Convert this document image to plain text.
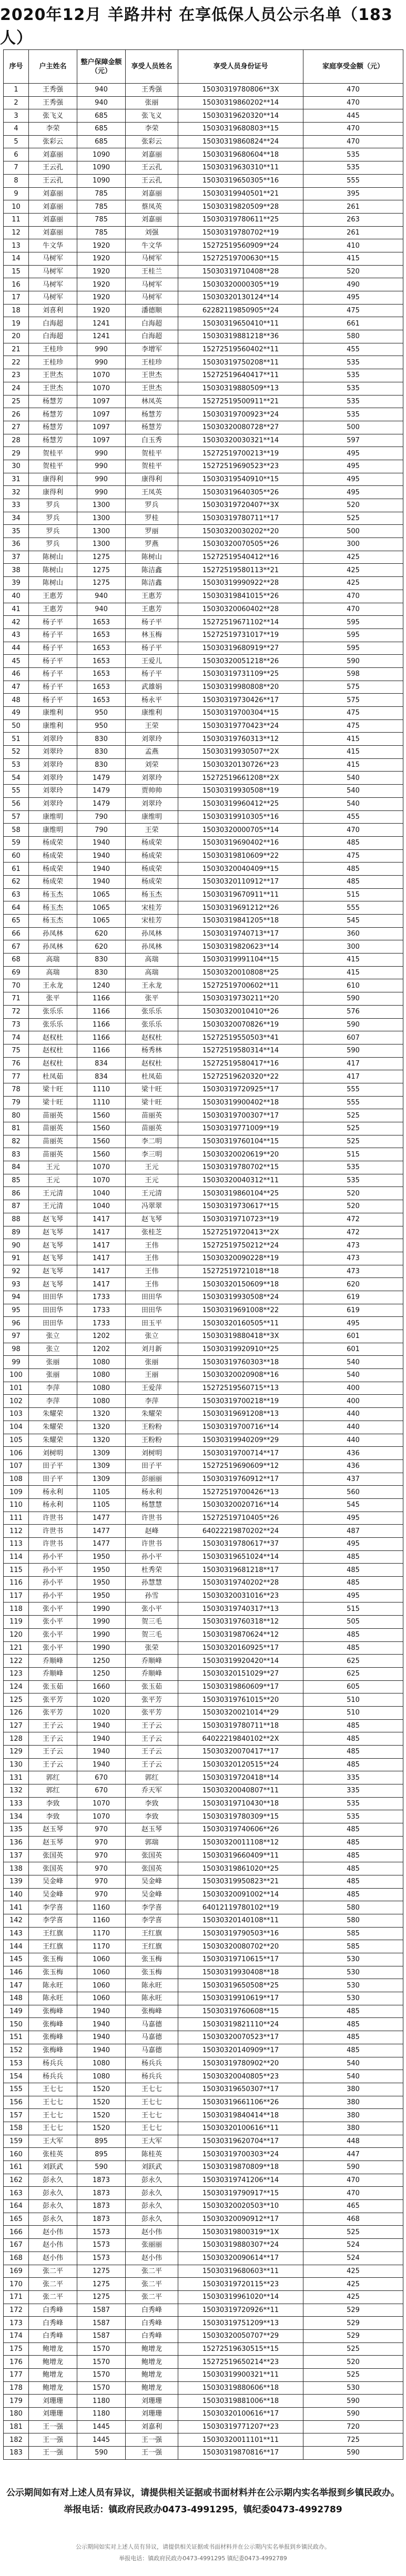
2020年12月 羊路井村 在享低保人员公示名单（183人）
序号	户主姓名	整户保障金额（元）	享受人员姓名	享受人员身份证号	家庭享受金额（元）
1	王秀强	940	王秀强	15030319780806**3X	470
2	王秀强	940	张丽	15030319860202**14	470
3	张飞义	685	张飞义	15030319620320**14	445
4	李荣	685	李荣	15030319680803**15	470
5	张彩云	685	张彩云	15030319860824**24	470
6	刘嘉丽	1090	刘嘉丽	15030319680604**18	535
7	王云孔	1090	王云孔	15030319630310**11	535
8	王云孔	1090	王云孔	15030319650305**16	555
9	刘嘉丽	785	刘嘉丽	15030319940501**21	395
10	刘嘉丽	785	蔡凤英	15030319820509**28	261
11	刘嘉丽	785	刘嘉丽	15030319780611**25	263
12	刘嘉丽	785	刘强	15030319780702**19	261
13	牛文华	1920	牛文华	15272519560909**24	410
14	马树军	1920	马树军	15272519700630**15	415
15	马树军	1920	王桂兰	15030319710408**28	520
16	马树军	1920	马树军	15030320000305**19	490
17	马树军	1920	马树军	15030320130124**14	495
18	刘喜利	1920	潘德顺	62282119850905**24	475
19	白海超	1241	白海超	15030319650410**11	661
20	白海超	1241	白海超	15030319881218**36	580
21	王桂珍	990	李增军	15272519560402**11	455
22	王桂珍	990	王桂珍	15030319750208**11	535
23	王世杰	1070	王世杰	15272519640417**11	535
24	王世杰	1070	王世杰	15030319880509**13	535
25	杨慧芳	1097	林凤英	15272519500911**21	535
26	杨慧芳	1097	杨慧芳	15030319700923**24	535
27	杨慧芳	1097	杨慧芳	15030320080728**27	500
28	杨慧芳	1097	白玉秀	15030320030321**14	597
29	贺桂平	990	贺桂平	15272519700213**19	495
30	贺桂平	990	贺桂平	15272519690523**23	495
31	康得利	990	康得利	15030319540910**15	495
32	康得利	990	王凤英	15030319640305**26	495
33	罗兵	1300	罗兵	15030319720407**3X	520
34	罗兵	1300	罗桂	15030319780711**17	525
35	罗兵	1300	罗丽	15030320030202**20	500
36	罗兵	1300	罗燕	15030320070505**26	300
37	陈树山	1275	陈树山	15272519540412**16	425
38	陈树山	1275	陈洁鑫	15272519580113**21	425
39	陈树山	1275	陈洁鑫	15030319990922**28	425
40	王惠芳	940	王惠芳	15030319841015**26	470
41	王惠芳	940	王惠芳	15030320060402**28	470
42	杨子平	1653	杨子平	15272519671102**14	595
43	杨子平	1653	林玉梅	15272519731017**19	595
44	杨子平	1653	杨子平	15030319680919**27	595
45	杨子平	1653	王爱儿	15030320051218**26	590
46	杨子平	1653	杨子平	15030319731109**25	598
47	杨子平	1653	武雄娟	15030319980808**20	575
48	杨子平	1653	杨永平	15030319730426**17	575
49	康维利	950	康维利	15030319700304**15	475
50	康维利	950	王荣	15030319770423**24	475
51	刘翠玲	830	刘翠玲	15030319760313**12	415
52	刘翠玲	830	孟燕	15030319930507**2X	415
53	刘翠玲	830	刘荣	15030320130726**23	415
54	刘翠玲	1479	刘翠玲	15272519661208**2X	540
55	刘翠玲	1479	贾帅帅	15030319930508**19	540
56	刘翠玲	1479	刘翠玲	15030319960412**25	540
57	康维明	790	康维明	15030319910305**16	455
58	康维明	790	王荣	15030320000705**14	470
59	杨成荣	1940	杨成荣	15030319690402**16	485
60	杨成荣	1940	杨成荣	15030319810609**22	475
61	杨成荣	1940	杨成荣	15030320040409**15	485
62	杨成荣	1940	杨成荣	15030320110912**17	485
63	杨玉杰	1065	杨玉杰	15030319670911**11	515
64	杨玉杰	1065	宋桂芳	15030319691212**26	555
65	杨玉杰	1065	宋桂芳	15030319841205**18	545
66	孙凤林	620	孙凤林	15030319740713**17	360
67	孙凤林	620	孙凤林	15030319820623**14	300
68	高瑞	830	高瑞	15030319991104**15	415
69	高瑞	830	高瑞	15030320010808**25	415
70	王永龙	1240	王永龙	15272519700602**11	610
71	张平	1166	张平	15030319730211**20	590
72	张乐乐	1166	张乐乐	15030320010410**26	576
73	张乐乐	1166	张乐乐	15030320070826**19	590
74	赵权杜	1166	赵权杜	15272519550503**41	607
75	赵权杜	1166	杨秀林	15272519580314**14	590
76	赵权杜	834	赵权杜	15272519580417**16	417
77	杜凤茹	834	杜凤茹	15272519620320**22	417
78	梁十旺	1110	梁十旺	15030319720925**17	555
79	梁十旺	1110	梁十旺	15030319900402**18	555
80	苗丽英	1560	苗丽英	15030319700307**17	525
81	苗丽英	1560	苗丽英	15030319771009**19	525
82	苗丽英	1560	李二明	15030319760104**15	525
83	苗丽英	1560	李三明	15030320020619**20	515
84	王元	1070	王元	15030319780702**15	535
85	王元	1070	王元	15030320040312**11	535
86	王元清	1040	王元清	15030319860104**25	520
87	王元清	1040	冯翠翠	15030319730617**15	520
88	赵飞琴	1417	赵飞琴	15030319710723**19	472
89	赵飞琴	1417	张桂芝	15272519720413**2X	472
90	赵飞琴	1417	王伟	15272519750212**24	473
91	赵飞琴	1417	王伟	15030320090228**19	473
92	赵飞琴	1417	王伟	15272519721018**18	473
93	赵飞琴	1417	王伟	15030320150609**18	620
94	田田华	1733	田田华	15030319930508**24	619
95	田田华	1733	田田华	15030319691008**22	619
96	田田华	1733	田玉平	15030320160505**11	495
97	张立	1202	张立	15030319880418**3X	601
98	张立	1202	刘月新	15030319920910**25	601
99	张丽	1080	张丽	15030319760303**18	540
100	张丽	1080	王丽	15030320020908**16	540
101	李萍	1080	王爱萍	15272519560715**13	400
102	李萍	1080	李萍	15030319700218**19	400
103	朱耀荣	1320	朱耀荣	15030319691208**13	440
104	朱耀荣	1320	王粉粉	15030319700716**14	440
105	朱耀荣	1320	王粉粉	15030319940209**29	440
106	刘树明	1309	刘树明	15030319700714**17	436
107	田子平	1309	田子平	15272519690609**12	436
108	田子平	1309	彭丽丽	15030319760912**17	437
109	杨永利	1105	杨永利	15272519700426**13	560
110	杨永利	1105	杨慧慧	15030320020716**14	545
111	许世书	1477	许世书	15272519710405**26	495
112	许世书	1477	赵峰	64022219870202**24	487
113	许世书	1477	许世书	15030319780617**37	495
114	孙小平	1950	孙小平	15030319651024**14	485
115	孙小平	1950	杜秀荣	15030319681218**17	485
116	孙小平	1950	孙慧慧	15030319740202**28	485
117	孙小平	1950	孙雪	15030320031016**23	495
118	张小平	1990	张小平	15030319740317**13	515
119	张小平	1990	贺三毛	15030319760318**12	505
120	张小平	1990	贺三毛	15030319870624**12	485
121	张小平	1990	张荣	15030320160925**17	485
122	乔顺峰	1250	乔顺峰	15030319920420**14	625
123	乔顺峰	1250	乔顺峰	15030320151029**27	625
124	张玉茹	1660	张玉茹	15030319860609**17	605
125	张平芳	1020	张平芳	15030319761015**20	510
126	张平芳	1020	张平芳	15030320021014**29	510
127	王子云	1940	王子云	15030319780711**18	485
128	王子云	1940	王子云	64022219840102**2X	485
129	王子云	1940	王子云	15030320070417**17	485
130	王子云	1940	王子云	15030320120515**24	485
131	郭红	670	郭红	15030319720418**14	335
132	郭红	670	乔天军	15030320040807**11	335
133	李致	1070	李致	15030319710430**18	535
134	李致	1070	李致	15030319780309**15	535
135	赵玉琴	970	赵玉琴	15030319740606**26	485
136	赵玉琴	970	郭瑞	15030320011108**12	485
137	张国英	970	张国英	15030319660409**11	485
138	张国英	970	张国英	15030319861020**25	485
139	吴金峰	970	吴金峰	15030319950823**21	485
140	吴金峰	970	吴金峰	15030320091002**14	485
141	李学喜	1160	李学喜	64012119780102**19	580
142	李学喜	1160	李学喜	15030320140108**11	580
143	王红旗	1170	王红旗	15030319790503**16	585
144	王红旗	1170	王红旗	15030320080702**20	585
145	张玉梅	1060	张玉梅	15030319710615**17	530
146	张玉梅	1060	张玉梅	15030319930408**18	530
147	陈永旺	1060	陈永旺	15030319650508**25	530
148	陈永旺	1060	陈永旺	15030319910619**17	530
149	张梅峰	1940	张梅峰	15030319760608**15	485
150	张梅峰	1940	马嘉德	15030319821110**24	485
151	张梅峰	1940	马嘉德	15030320070523**17	485
152	张梅峰	1940	马嘉德	15030320140909**17	485
153	杨兵兵	1080	杨兵兵	15030319780902**20	540
154	杨兵兵	1080	杨兵兵	15030320040805**23	540
155	王七七	1520	王七七	15030319650307**17	380
156	王七七	1520	王七七	15030319661106**26	380
157	王七七	1520	王七七	15030319840414**18	380
158	王七七	1520	王七七	15030320100616**11	380
159	王大军	895	王大军	15030319620704**17	448
160	张桂英	895	陈桂英	15030319700303**24	447
161	刘跃武	590	刘跃武	15030319870809**18	590
162	彭永久	1873	彭永久	15030319741206**14	470
163	彭永久	1873	彭永久	15030319790917**15	470
164	彭永久	1873	彭永久	15030320020503**10	465
165	彭永久	1873	彭永久	15030320090912**17	468
166	赵小伟	1573	赵小伟	15030319800319**1X	525
167	赵小伟	1573	张丽丽	15030319880307**24	524
168	赵小伟	1573	赵小伟	15030320090614**17	524
169	张二平	1275	张二平	15030319680603**11	425
170	张二平	1275	张二平	15030319720115**23	425
171	张二平	1275	张二平	15030319961020**14	425
172	白秀峰	1587	白秀峰	15030319720926**11	529
173	白秀峰	1587	白秀峰	15030319751209**13	529
174	白秀峰	1587	白秀峰	15030320050707**29	529
175	鲍增龙	1570	鲍增龙	15272519630515**15	525
176	鲍增龙	1570	鲍增龙	15272519650214**23	520
177	鲍增龙	1570	鲍增龙	15030319900321**11	525
178	鲍增龙	1570	鲍增龙	15030319880606**18	530
179	刘珊珊	1180	刘珊珊	15030319881006**18	590
180	刘珊珊	1180	刘珊珊	15030320100616**17	590
181	王一强	1445	刘嘉利	15030319771207**23	720
182	王一强	1445	王一强	15030320011101**11	725
183	王一强	590	王一强	15030319870816**17	590
公示期间如有对上述人员有异议，请提供相关证据或书面材料并在公示期内实名举报到乡镇民政办。
举报电话：镇政府民政办0473-4991295，镇纪委0473-4992789
公示期间如实对上述人员有异议，请提供相关证据或书面材料并在公示期内实名举报到乡镇民政办。
举报电话：镇政府民政办0473-4991295 镇纪委0473-4992789
